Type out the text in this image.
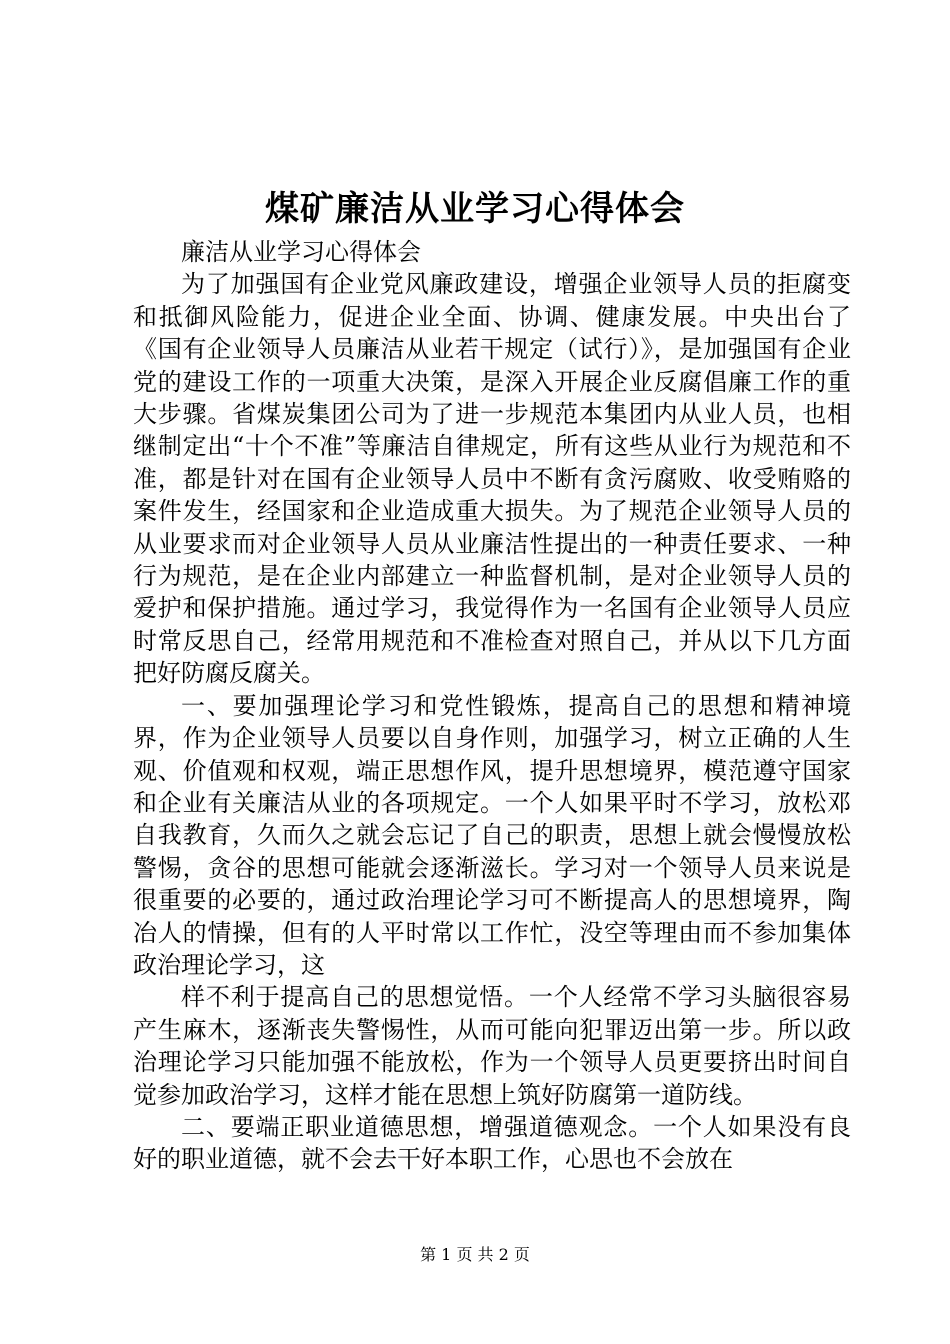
煤矿廉洁从业学习心得体会

廉洁从业学习心得体会

为了加强国有企业党风廉政建设，增强企业领导人员的拒腐变和抵御风险能力，促进企业全面、协调、健康发展。中央出台了《国有企业领导人员廉洁从业若干规定（试行）》，是加强国有企业党的建设工作的一项重大决策，是深入开展企业反腐倡廉工作的重大步骤。省煤炭集团公司为了进一步规范本集团内从业人员，也相继制定出“十个不准”等廉洁自律规定，所有这些从业行为规范和不准，都是针对在国有企业领导人员中不断有贪污腐败、收受贿赂的案件发生，经国家和企业造成重大损失。为了规范企业领导人员的从业要求而对企业领导人员从业廉洁性提出的一种责任要求、一种行为规范，是在企业内部建立一种监督机制，是对企业领导人员的爱护和保护措施。通过学习，我觉得作为一名国有企业领导人员应时常反思自己，经常用规范和不准检查对照自己，并从以下几方面把好防腐反腐关。

一、要加强理论学习和党性锻炼，提高自己的思想和精神境界，作为企业领导人员要以自身作则，加强学习，树立正确的人生观、价值观和权观，端正思想作风，提升思想境界，模范遵守国家和企业有关廉洁从业的各项规定。一个人如果平时不学习，放松邓自我教育，久而久之就会忘记了自己的职责，思想上就会慢慢放松警惕，贪谷的思想可能就会逐渐滋长。学习对一个领导人员来说是很重要的必要的，通过政治理论学习可不断提高人的思想境界，陶冶人的情操，但有的人平时常以工作忙，没空等理由而不参加集体政治理论学习，这

样不利于提高自己的思想觉悟。一个人经常不学习头脑很容易产生麻木，逐渐丧失警惕性，从而可能向犯罪迈出第一步。所以政治理论学习只能加强不能放松，作为一个领导人员更要挤出时间自觉参加政治学习，这样才能在思想上筑好防腐第一道防线。

二、要端正职业道德思想，增强道德观念。一个人如果没有良好的职业道德，就不会去干好本职工作，心思也不会放在

第 1 页 共 2 页
